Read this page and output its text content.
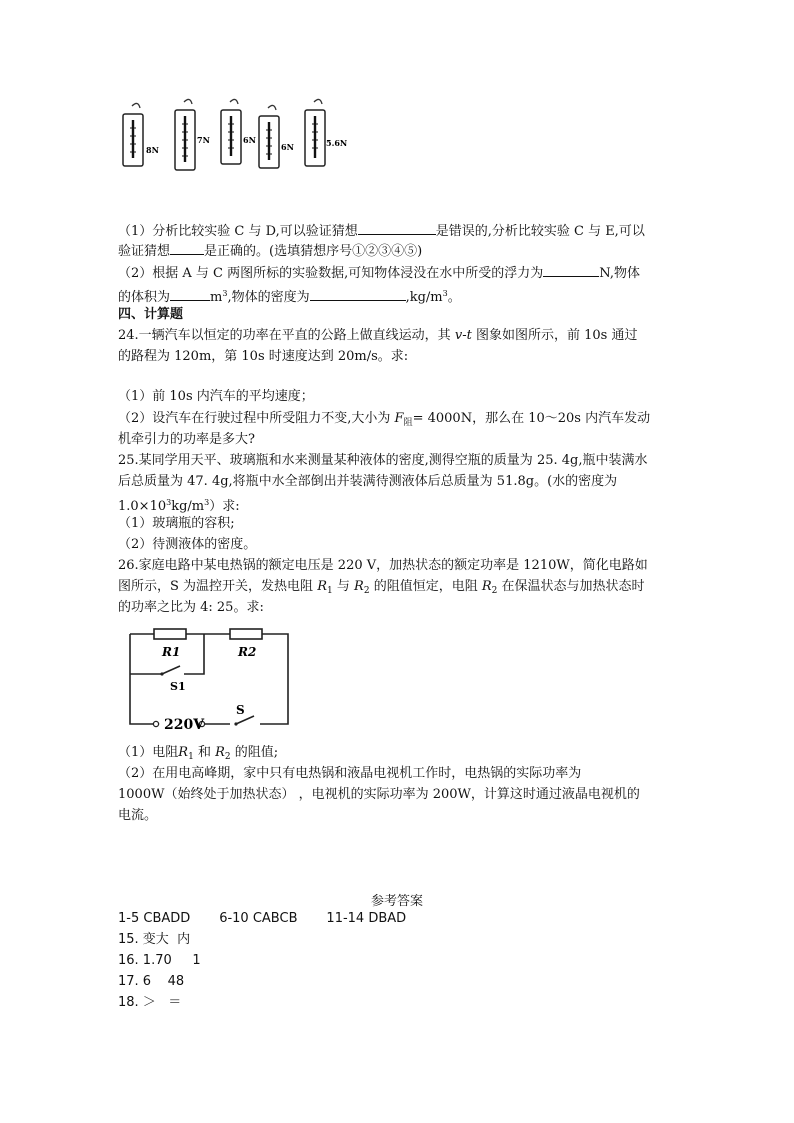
8N
7N	6N
6N	5.6N
（1）分析比较实验 C 与 D,可以验证猜想	是错误的,分析比较实验 C 与 E,可以
验证猜想	是正确的。(选填猜想序号①②③④⑤)
（2）根据 A 与 C 两图所标的实验数据,可知物体浸没在水中所受的浮力为	N,物体
的体积为	$m^3$,物体的密度为	$,kg/m^3$。
四、计算题
24.一辆汽车以恒定的功率在平直的公路上做直线运动，其 v-t 图象如图所示，前 10s 通过
的路程为 120m，第 10s 时速度达到 20m/s。求:
（1）前 10s 内汽车的平均速度；
（2）设汽车在行驶过程中所受阻力不变,大小为 $F_阻= 4000N$，那么在 10～20s 内汽车发动
机牵引力的功率是多大?
25.某同学用天平、玻璃瓶和水来测量某种液体的密度,测得空瓶的质量为 25. 4g,瓶中装满水
后总质量为 47. 4g,将瓶中水全部倒出并装满待测液体后总质量为 51.8g。(水的密度为
$1.0\times 10^3kg/m^3$）求:
（1）玻璃瓶的容积;
（2）待测液体的密度。
26.家庭电路中某电热锅的额定电压是 220 V，加热状态的额定功率是 1210W，简化电路如
图所示，S 为温控开关，发热电阻 $R_1$ 与 $R_2$ 的阻值恒定，电阻 $R_2$ 在保温状态与加热状态时
的功率之比为 4: 25。求:
R1	R2
S1
220V
S
（1）电阻$R_1$ 和 $R_2$ 的阻值;
（2）在用电高峰期，家中只有电热锅和液晶电视机工作时，电热锅的实际功率为
1000W（始终处于加热状态） ，电视机的实际功率为 200W，计算这时通过液晶电视机的
电流。
参考答案
1-5 CBADD       6-10 CABCB       11-14 DBAD
15. 变大  内
16. 1.70     1
17. 6    48
18. ＞   ＝
